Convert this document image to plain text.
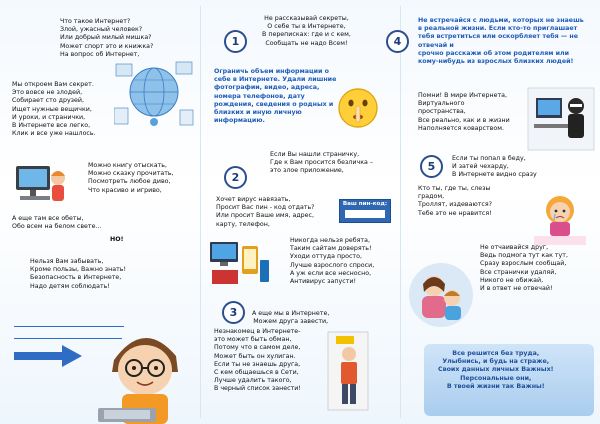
Что такое Интернет?
Злой, ужасный человек?
Или добрый милый мишка?
Может спорт это и книжка?
На вопрос об Интернет,
Мы откроем Вам секрет.
Это вовсе не злодей,
Собирает сто друзей,
Ищет нужные вещички,
И уроки, и странички,
В Интернете все легко,
Клик и все уже нашлось.
Можно книгу отыскать,
Можно сказку прочитать,
Посмотреть любое диво,
Что красиво и игриво,
А еще там все обеты,
Обо всем на белом свете...
НО!
Нельзя Вам забывать,
Кроме пользы, Важно знать!
Безопасность в Интернете,
Надо детям соблюдать!
1
Не рассказывай секреты,
О себе ты в Интернете,
В переписках: где и с кем,
Сообщать не надо Всем!
Ограничь объем информации о
себе в Интернете. Удали лишние
фотографии, видео, адреса,
номера телефонов, дату
рождения, сведения о родных и
близких и иную личную
информацию.
2
Если Вы нашли страничку,
Где к Вам просится безличка –
это злое приложение,
Хочет вирус навязать,
Просит Вас пин - код отдать?
Или просит Ваше имя, адрес,
карту, телефон,
Ваш пин-код:
Никогда нельзя ребята,
Таким сайтам доверять!
Уходи оттуда просто,
Лучше взрослого спроси,
А уж если все несносно,
Антивирус запусти!
3	А еще мы в Интернете,
Можем друга завести,
Незнакомец в Интернете-
это может быть обман,
Потому что в самом деле,
Может быть он хулиган.
Если ты не знаешь друга,
С кем общаешься в Сети,
Лучше удалить такого,
В черный список занести!
4
Не встречайся с людьми, которых не знаешь
в реальной жизни. Если кто-то приглашает
тебя встретиться или оскорбляет тебя — не
отвечай и
срочно расскажи об этом родителям или
кому-нибудь из взрослых близких людей!
Помни! В мире Интернета,
Виртуального
пространства,
Все реально, как и в жизни
Наполняется коварством.
5
Если ты попал в беду,
И затей чехарду,
В Интернете видно сразу
Кто ты, где ты, слезы
градом,
Троллят, издеваются?
Тебе это не нравится!
Не отчаивайся друг,
Ведь подмога тут как тут,
Сразу взрослым сообщай,
Все странички удаляй,
Никого не обижай,
И в ответ не отвечай!
Все решится без труда,
Улыбнись, и будь на страже,
Своих данных личных Важных!
Персональные они,
В твоей жизни так Важны!
